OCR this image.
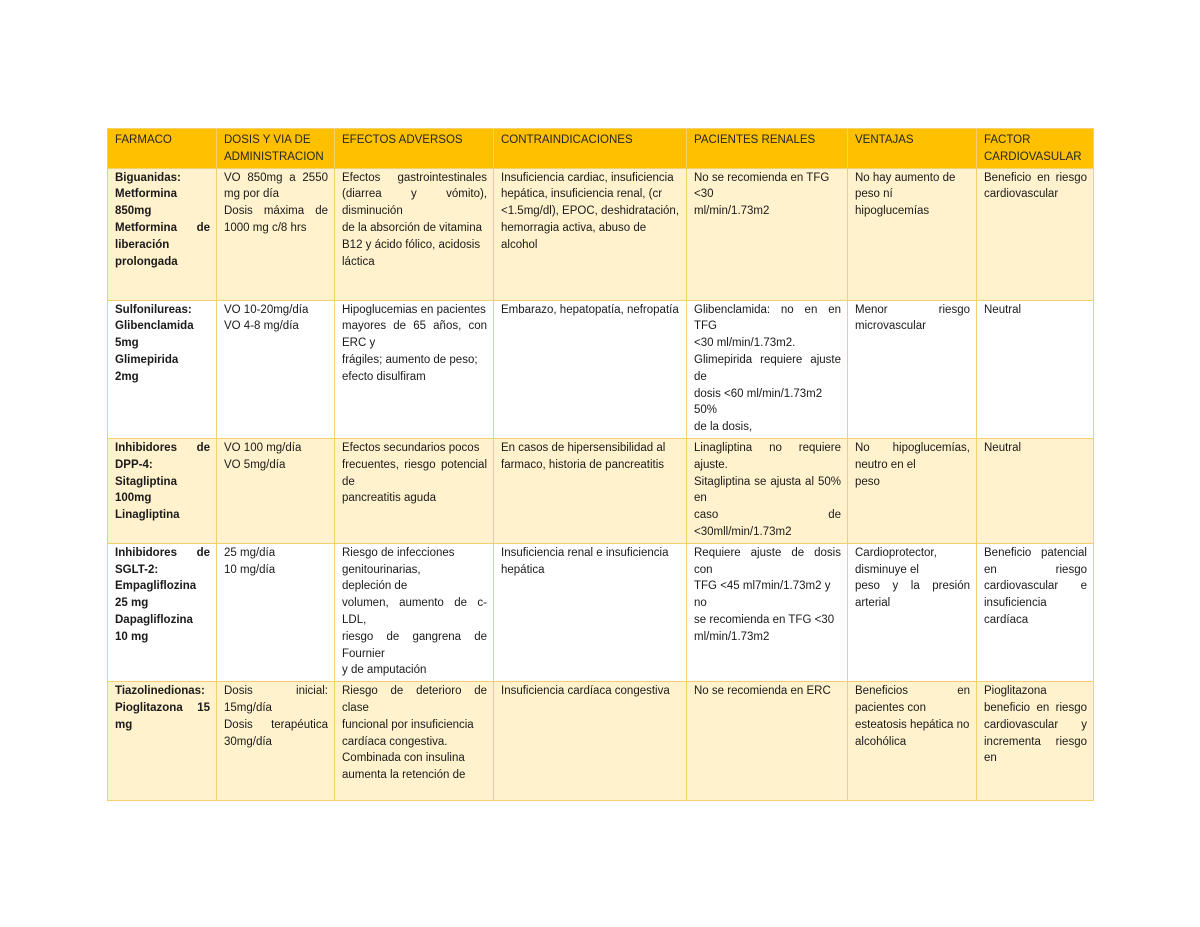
FARMACO	DOSIS Y VIA DE ADMINISTRACION	EFECTOS ADVERSOS	CONTRAINDICACIONES	PACIENTES RENALES	VENTAJAS	FACTOR CARDIOVASULAR

Biguanidas:
Metformina
850mg
Metformina de liberación prolongada	VO 850mg a 2550 mg por día
Dosis máxima de 1000 mg c/8 hrs	Efectos gastrointestinales (diarrea y vómito), disminución
de la absorción de vitamina
B12 y ácido fólico, acidosis
láctica	Insuficiencia cardiac, insuficiencia hepática, insuficiencia renal, (cr <1.5mg/dl), EPOC, deshidratación, hemorragia activa, abuso de alcohol	No se recomienda en TFG <30
ml/min/1.73m2	No hay aumento de peso ní hipoglucemías	Beneficio en riesgo cardiovascular

Sulfonilureas:
Glibenclamida
5mg
Glimepirida
2mg	VO 10-20mg/día
VO 4-8 mg/día	Hipoglucemias en pacientes
mayores de 65 años, con ERC y
frágiles; aumento de peso;
efecto disulfiram	Embarazo, hepatopatía, nefropatía	Glibenclamida: no en en TFG
<30 ml/min/1.73m2.
Glimepirida requiere ajuste de
dosis <60 ml/min/1.73m2 50%
de la dosis,	Menor riesgo microvascular	Neutral

Inhibidores de DPP-4:
Sitagliptina
100mg
Linagliptina	VO 100 mg/día
VO 5mg/día	Efectos secundarios pocos
frecuentes, riesgo potencial de
pancreatitis aguda	En casos de hipersensibilidad al farmaco, historia de pancreatitis	Linagliptina no requiere ajuste.
Sitagliptina se ajusta al 50% en
caso de
<30mll/min/1.73m2	No hipoglucemías, neutro en el
peso	Neutral

Inhibidores de SGLT-2:
Empagliflozina
25 mg
Dapagliflozina
10 mg	25 mg/día
10 mg/día	Riesgo de infecciones genitourinarias,
depleción de
volumen, aumento de c-LDL,
riesgo de gangrena de Fournier
y de amputación	Insuficiencia renal e insuficiencia hepática	Requiere ajuste de dosis con
TFG <45 ml7min/1.73m2 y no
se recomienda en TFG <30
ml/min/1.73m2	Cardioprotector,
disminuye el
peso y la presión arterial	Beneficio patencial en riesgo cardiovascular e insuficiencia cardíaca

Tiazolinedionas:
Pioglitazona 15 mg	Dosis inicial: 15mg/día
Dosis terapéutica 30mg/día	Riesgo de deterioro de clase
funcional por insuficiencia
cardíaca congestiva.
Combinada con insulina aumenta la retención de	Insuficiencia cardíaca congestiva	No se recomienda en ERC	Beneficios en pacientes con
esteatosis hepática no
alcohólica	Pioglitazona beneficio en riesgo cardiovascular y incrementa riesgo en
